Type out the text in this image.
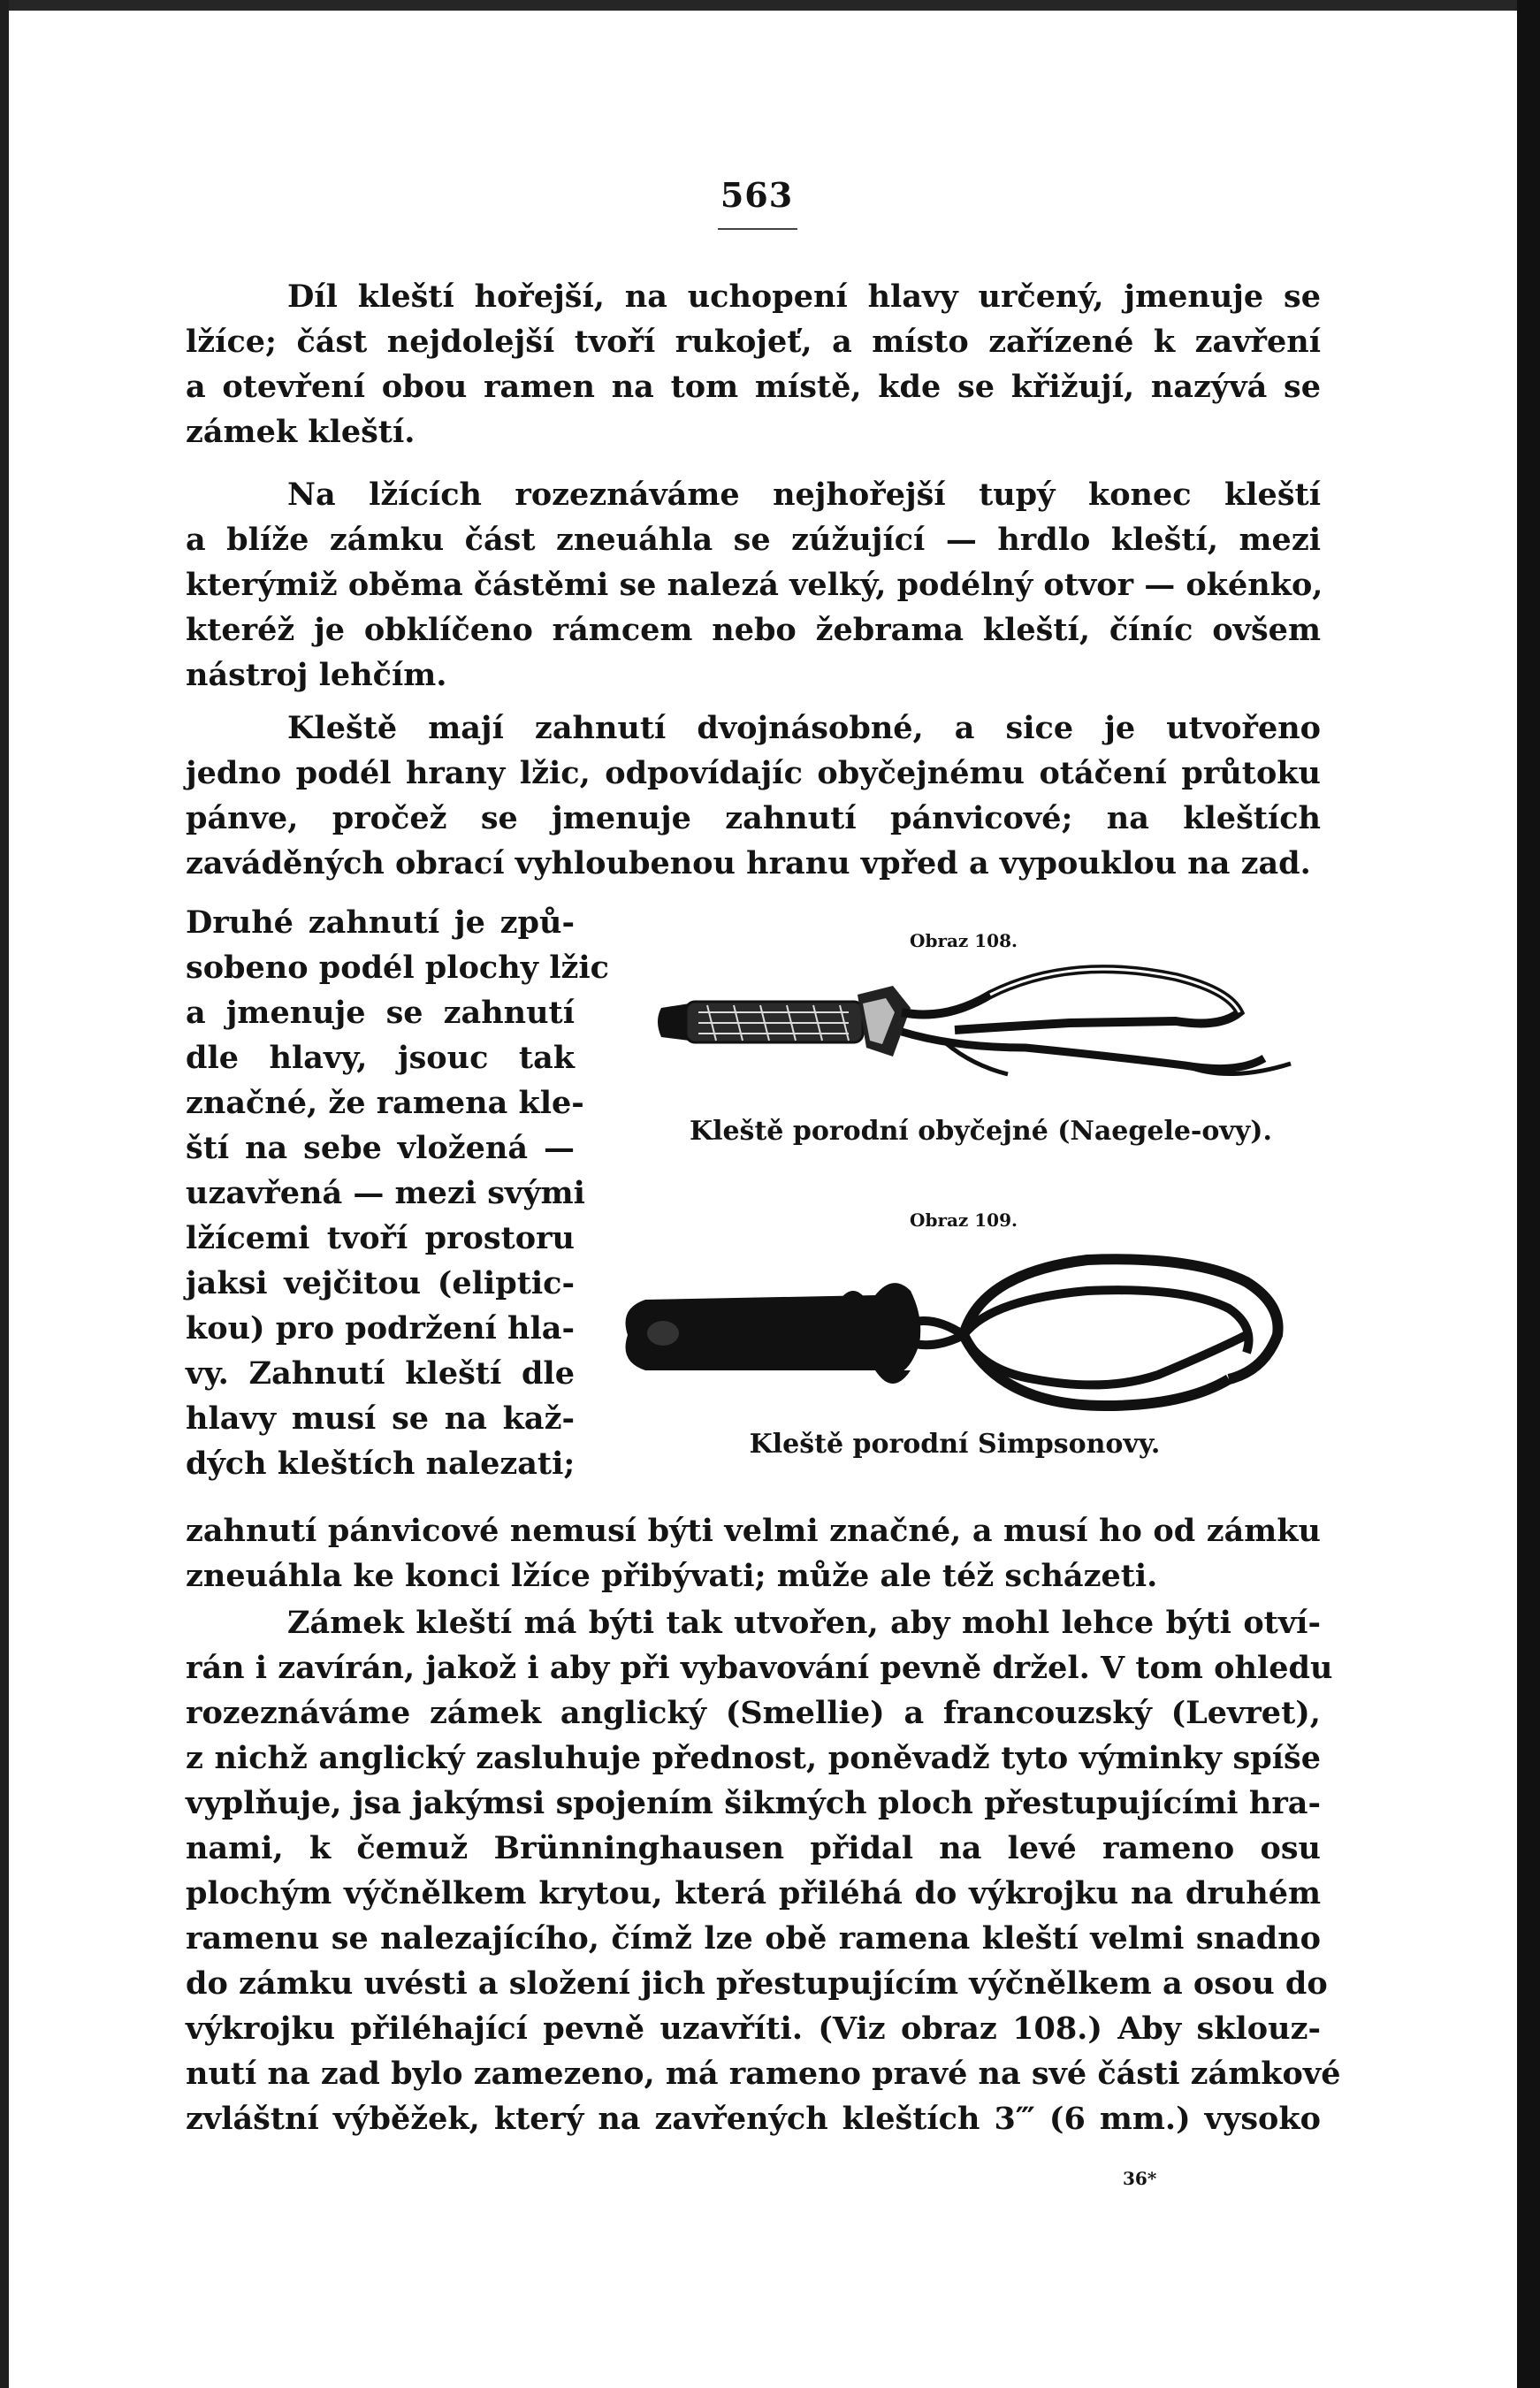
563
Díl kleští hořejší, na uchopení hlavy určený, jmenuje se
lžíce; část nejdolejší tvoří rukojeť, a místo zařízené k zavření
a otevření obou ramen na tom místě, kde se křižují, nazývá se
zámek kleští.
Na lžících rozeznáváme nejhořejší tupý konec kleští
a blíže zámku část zneuáhla se zúžující — hrdlo kleští, mezi
kterýmiž oběma částěmi se nalezá velký, podélný otvor — okénko,
kteréž je obklíčeno rámcem nebo žebrama kleští, číníc ovšem
nástroj lehčím.
Kleště mají zahnutí dvojnásobné, a sice je utvořeno
jedno podél hrany lžic, odpovídajíc obyčejnému otáčení průtoku
pánve, pročež se jmenuje zahnutí pánvicové; na kleštích
zaváděných obrací vyhloubenou hranu vpřed a vypouklou na zad.
Druhé zahnutí je způ-
sobeno podél plochy lžic
a jmenuje se zahnutí
dle hlavy, jsouc tak
značné, že ramena kle-
ští na sebe vložená —
uzavřená — mezi svými
lžícemi tvoří prostoru
jaksi vejčitou (eliptic-
kou) pro podržení hla-
vy. Zahnutí kleští dle
hlavy musí se na kaž-
dých kleštích nalezati;
zahnutí pánvicové nemusí býti velmi značné, a musí ho od zámku
zneuáhla ke konci lžíce přibývati; může ale též scházeti.
Zámek kleští má býti tak utvořen, aby mohl lehce býti otví-
rán i zavírán, jakož i aby při vybavování pevně držel. V tom ohledu
rozeznáváme zámek anglický (Smellie) a francouzský (Levret),
z nichž anglický zasluhuje přednost, poněvadž tyto výminky spíše
vyplňuje, jsa jakýmsi spojením šikmých ploch přestupujícími hra-
nami, k čemuž Brünninghausen přidal na levé rameno osu
plochým výčnělkem krytou, která přiléhá do výkrojku na druhém
ramenu se nalezajícího, čímž lze obě ramena kleští velmi snadno
do zámku uvésti a složení jich přestupujícím výčnělkem a osou do
výkrojku přiléhající pevně uzavříti. (Viz obraz 108.) Aby sklouz-
nutí na zad bylo zamezeno, má rameno pravé na své části zámkové
zvláštní výběžek, který na zavřených kleštích 3‴ (6 mm.) vysoko
Obraz 108.
Kleště porodní obyčejné (Naegele-ovy).
Obraz 109.
Kleště porodní Simpsonovy.
36*
